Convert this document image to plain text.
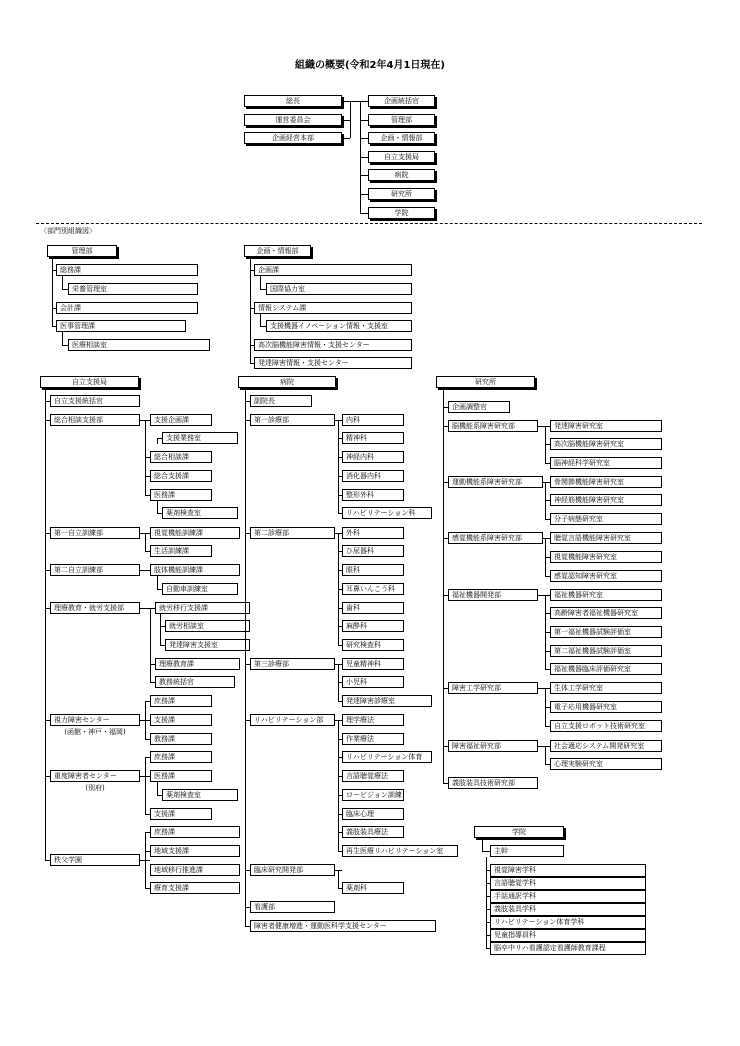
組織の概要(令和2年4月1日現在)
〈部門別組織図〉
総長
運営委員会
企画経営本部
企画統括官
管理部
企画・情報部
自立支援局
病院
研究所
学院
管理部
総務課
栄養管理室
会計課
医事管理課
医療相談室
企画・情報部
企画課
国際協力室
情報システム課
支援機器イノベーション情報・支援室
高次脳機能障害情報・支援センター
発達障害情報・支援センター
自立支援局
自立支援統括官
総合相談支援部
第一自立訓練部
第二自立訓練部
理療教育・就労支援部
視力障害センター
重度障害者センター
秩父学園
(函館・神戸・福岡)
(別府)
支援企画課
支援業務室
総合相談課
総合支援課
医務課
薬剤検査室
視覚機能訓練課
生活訓練課
肢体機能訓練課
自動車訓練室
就労移行支援課
就労相談室
発達障害支援室
理療教育課
教務統括官
庶務課
支援課
教務課
庶務課
医務課
薬剤検査室
支援課
庶務課
地域支援課
地域移行推進課
療育支援課
病院
副院長
第一診療部
第二診療部
第三診療部
リハビリテーション部
臨床研究開発部
看護部
障害者健康増進・運動医科学支援センター
内科
精神科
神経内科
消化器内科
整形外科
リハビリテーション科
外科
ひ尿器科
眼科
耳鼻いんこう科
歯科
麻酔科
研究検査科
児童精神科
小児科
発達障害診療室
理学療法
作業療法
リハビリテーション体育
言語聴覚療法
ロービジョン訓練
臨床心理
義肢装具療法
再生医療リハビリテーション室
薬剤科
研究所
企画調整官
脳機能系障害研究部
運動機能系障害研究部
感覚機能系障害研究部
福祉機器開発部
障害工学研究部
障害福祉研究部
義肢装具技術研究部
発達障害研究室
高次脳機能障害研究室
脳神経科学研究室
骨関節機能障害研究室
神経筋機能障害研究室
分子病態研究室
聴覚言語機能障害研究室
視覚機能障害研究室
感覚認知障害研究室
福祉機器研究室
高齢障害者福祉機器研究室
第一福祉機器試験評価室
第二福祉機器試験評価室
福祉機器臨床評価研究室
生体工学研究室
電子応用機器研究室
自立支援ロボット技術研究室
社会適応システム開発研究室
心理実験研究室
学院
主幹
視覚障害学科
言語聴覚学科
手話通訳学科
義肢装具学科
リハビリテーション体育学科
児童指導員科
脳卒中リハ看護認定看護師教育課程
